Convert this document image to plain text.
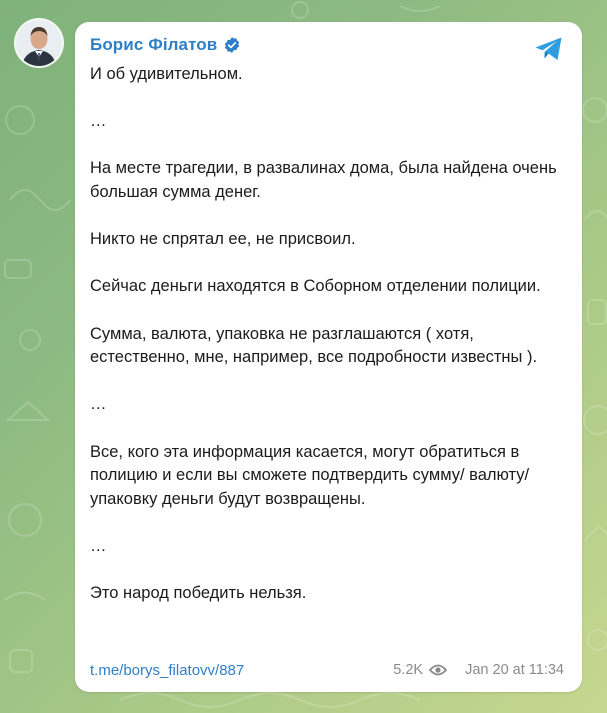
Борис Філатов

И об удивительном.

…

На месте трагедии, в развалинах дома, была найдена очень большая сумма денег.

Никто не спрятал ее, не присвоил.

Сейчас деньги находятся в Соборном отделении полиции.

Сумма, валюта, упаковка не разглашаются ( хотя, естественно, мне, например, все подробности известны ).

…

Все, кого эта информация касается, могут обратиться в полицию и если вы сможете подтвердить сумму/ валюту/упаковку деньги будут возвращены.

…

Это народ победить нельзя.

t.me/borys_filatovv/887	5.2K	Jan 20 at 11:34
